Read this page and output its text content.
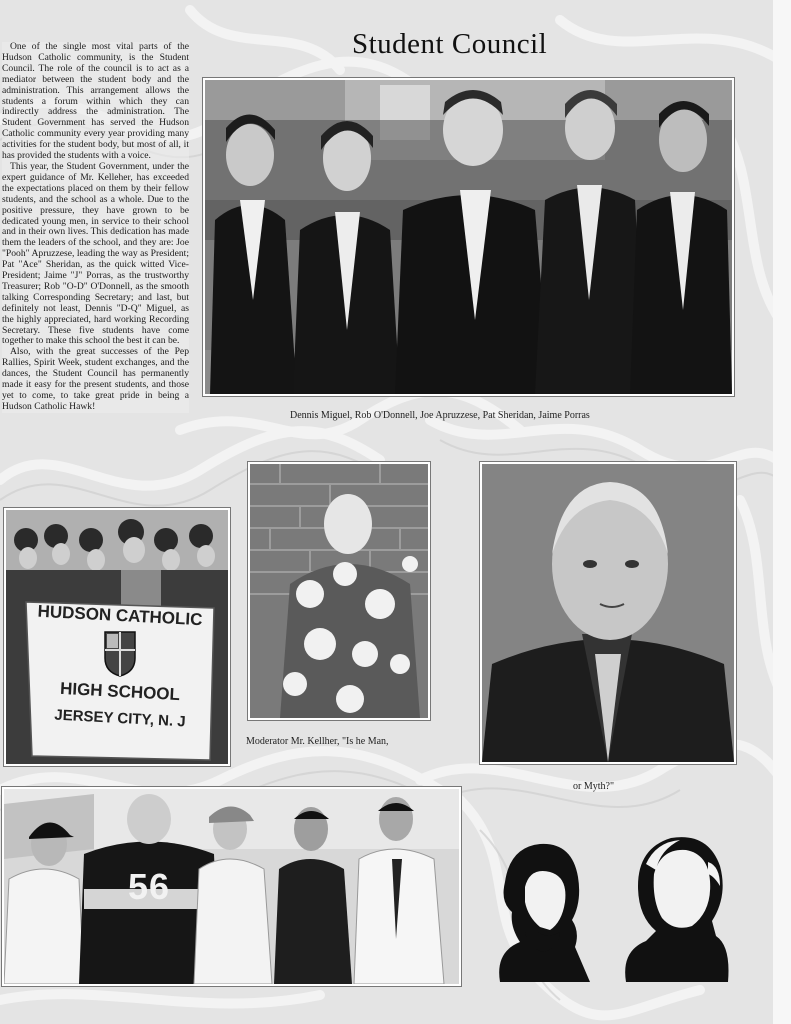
Student Council

One of the single most vital parts of the Hudson Catholic community, is the Student Council. The role of the council is to act as a mediator between the student body and the administration. This arrangement allows the students a forum within which they can indirectly address the administration. The Student Government has served the Hudson Catholic community every year providing many activities for the student body, but most of all, it has provided the students with a voice.

This year, the Student Government, under the expert guidance of Mr. Kelleher, has exceeded the expectations placed on them by their fellow students, and the school as a whole. Due to the positive pressure, they have grown to be dedicated young men, in service to their school and in their own lives. This dedication has made them the leaders of the school, and they are: Joe "Pooh" Apruzzese, leading the way as President; Pat "Ace" Sheridan, as the quick witted Vice-President; Jaime "J" Porras, as the trustworthy Treasurer; Rob "O-D" O'Donnell, as the smooth talking Corresponding Secretary; and last, but definitely not least, Dennis "D-Q" Miguel, as the highly appreciated, hard working Recording Secretary. These five students have come together to make this school the best it can be.

Also, with the great successes of the Pep Rallies, Spirit Week, student exchanges, and the dances, the Student Council has permanently made it easy for the present students, and those yet to come, to take great pride in being a Hudson Catholic Hawk!

Dennis Miguel, Rob O'Donnell, Joe Apruzzese, Pat Sheridan, Jaime Porras
HUDSON CATHOLIC
HIGH SCHOOL
JERSEY CITY, N. J
Moderator Mr. Kellher, "Is he Man,
or Myth?"
56
